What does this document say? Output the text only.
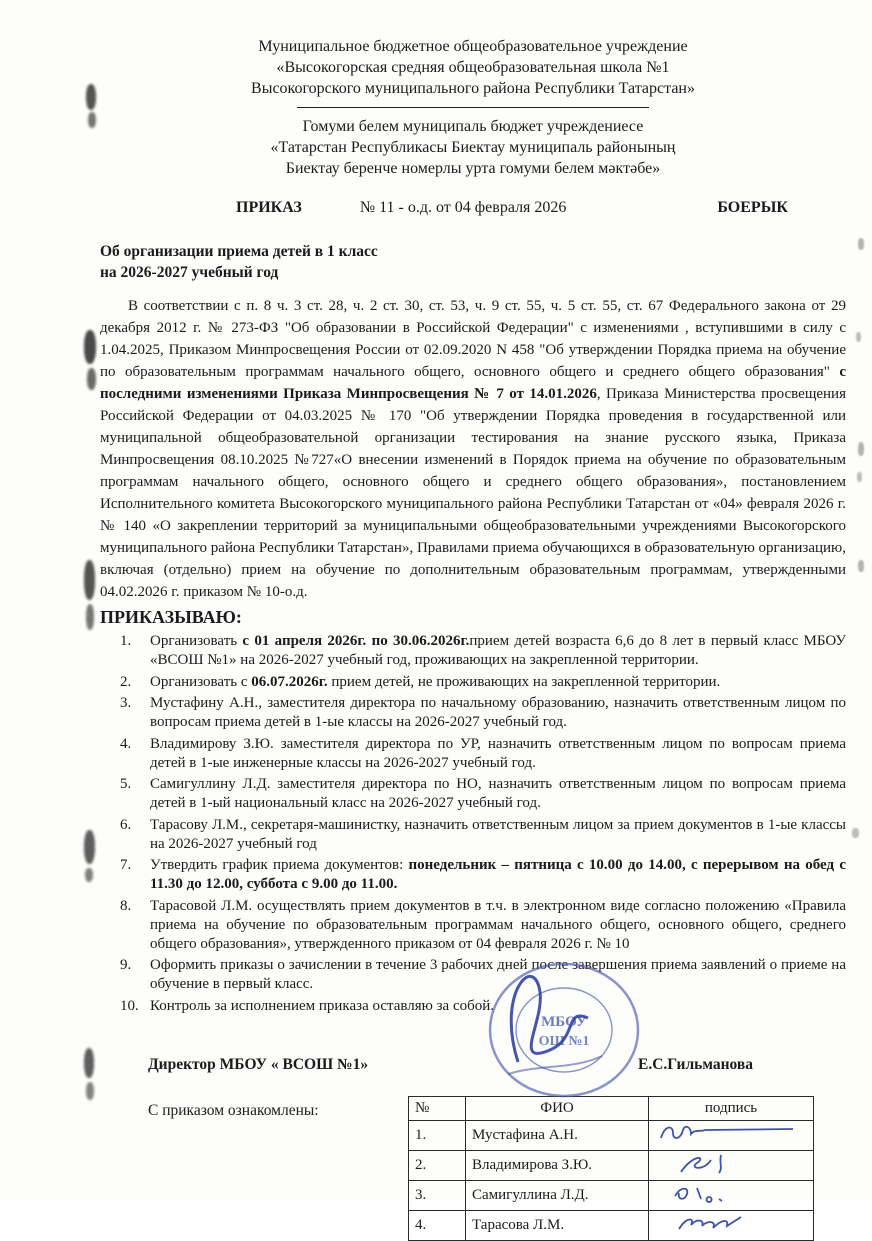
Муниципальное бюджетное общеобразовательное учреждение
«Высокогорская средняя общеобразовательная школа №1
Высокогорского муниципального района Республики Татарстан»
Гомуми белем муниципаль бюджет учреждениесе
«Татарстан Республикасы Биектау муниципаль районының
Биектау беренче номерлы урта гомуми белем мәктәбе»
ПРИКАЗ	№ 11 - о.д. от 04 февраля 2026	БОЕРЫК
Об организации приема детей в 1 класс
на 2026-2027 учебный год

В соответствии с п. 8 ч. 3 ст. 28, ч. 2 ст. 30, ст. 53, ч. 9 ст. 55, ч. 5 ст. 55, ст. 67 Федерального закона от 29 декабря 2012 г. № 273-ФЗ "Об образовании в Российской Федерации" с изменениями , вступившими в силу с 1.04.2025, Приказом Минпросвещения России от 02.09.2020 N 458 "Об утверждении Порядка приема на обучение по образовательным программам начального общего, основного общего и среднего общего образования" с последними изменениями Приказа Минпросвещения № 7 от 14.01.2026, Приказа Министерства просвещения Российской Федерации от 04.03.2025 № 170 "Об утверждении Порядка проведения в государственной или муниципальной общеобразовательной организации тестирования на знание русского языка, Приказа Минпросвещения 08.10.2025 №727«О внесении изменений в Порядок приема на обучение по образовательным программам начального общего, основного общего и среднего общего образования», постановлением Исполнительного комитета Высокогорского муниципального района Республики Татарстан от «04» февраля 2026 г. № 140 «О закреплении территорий за муниципальными общеобразовательными учреждениями Высокогорского муниципального района Республики Татарстан», Правилами приема обучающихся в образовательную организацию, включая (отдельно) прием на обучение по дополнительным образовательным программам, утвержденными 04.02.2026 г. приказом № 10-о.д.

ПРИКАЗЫВАЮ:
1.	Организовать с 01 апреля 2026г. по 30.06.2026г.прием детей возраста 6,6 до 8 лет в первый класс МБОУ «ВСОШ №1» на 2026-2027 учебный год, проживающих на закрепленной территории.
2.	Организовать с 06.07.2026г. прием детей, не проживающих на закрепленной территории.
3.	Мустафину А.Н., заместителя директора по начальному образованию, назначить ответственным лицом по вопросам приема детей в 1-ые классы на 2026-2027 учебный год.
4.	Владимирову З.Ю. заместителя директора по УР, назначить ответственным лицом по вопросам приема детей в 1-ые инженерные классы на 2026-2027 учебный год.
5.	Самигуллину Л.Д. заместителя директора по НО, назначить ответственным лицом по вопросам приема детей в 1-ый национальный класс на 2026-2027 учебный год.
6.	Тарасову Л.М., секретаря-машинистку, назначить ответственным лицом за прием документов в 1-ые классы на 2026-2027 учебный год
7.	Утвердить график приема документов: понедельник – пятница с 10.00 до 14.00, с перерывом на обед с 11.30 до 12.00, суббота с 9.00 до 11.00.
8.	Тарасовой Л.М. осуществлять прием документов в т.ч. в электронном виде согласно положению «Правила приема на обучение по образовательным программам начального общего, основного общего, среднего общего образования», утвержденного приказом от 04 февраля 2026 г. № 10
9.	Оформить приказы о зачислении в течение 3 рабочих дней после завершения приема заявлений о приеме на обучение в первый класс.
10. Контроль за исполнением приказа оставляю за собой.
Директор МБОУ « ВСОШ №1»	Е.С.Гильманова
МБОУ
ОШ №1
С приказом ознакомлены:	№	ФИО	подпись
1.	Мустафина А.Н.	
2.	Владимирова З.Ю.	
3.	Самигуллина Л.Д.	
4.	Тарасова Л.М.	
